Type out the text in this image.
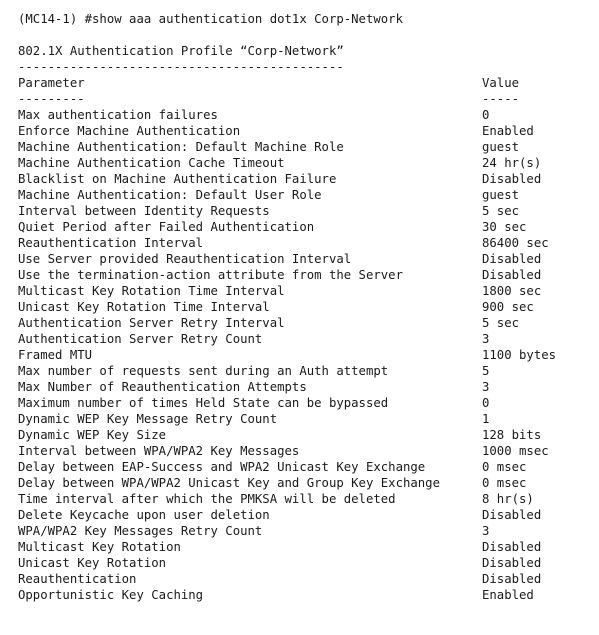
(MC14-1) #show aaa authentication dot1x Corp-Network
802.1X Authentication Profile “Corp-Network”
--------------------------------------------
Parameter	Value
---------	-----
Max authentication failures	0
Enforce Machine Authentication	Enabled
Machine Authentication: Default Machine Role	guest
Machine Authentication Cache Timeout	24 hr(s)
Blacklist on Machine Authentication Failure	Disabled
Machine Authentication: Default User Role	guest
Interval between Identity Requests	5 sec
Quiet Period after Failed Authentication	30 sec
Reauthentication Interval	86400 sec
Use Server provided Reauthentication Interval	Disabled
Use the termination-action attribute from the Server	Disabled
Multicast Key Rotation Time Interval	1800 sec
Unicast Key Rotation Time Interval	900 sec
Authentication Server Retry Interval	5 sec
Authentication Server Retry Count	3
Framed MTU	1100 bytes
Max number of requests sent during an Auth attempt	5
Max Number of Reauthentication Attempts	3
Maximum number of times Held State can be bypassed	0
Dynamic WEP Key Message Retry Count	1
Dynamic WEP Key Size	128 bits
Interval between WPA/WPA2 Key Messages	1000 msec
Delay between EAP-Success and WPA2 Unicast Key Exchange	0 msec
Delay between WPA/WPA2 Unicast Key and Group Key Exchange	0 msec
Time interval after which the PMKSA will be deleted	8 hr(s)
Delete Keycache upon user deletion	Disabled
WPA/WPA2 Key Messages Retry Count	3
Multicast Key Rotation	Disabled
Unicast Key Rotation	Disabled
Reauthentication	Disabled
Opportunistic Key Caching	Enabled
